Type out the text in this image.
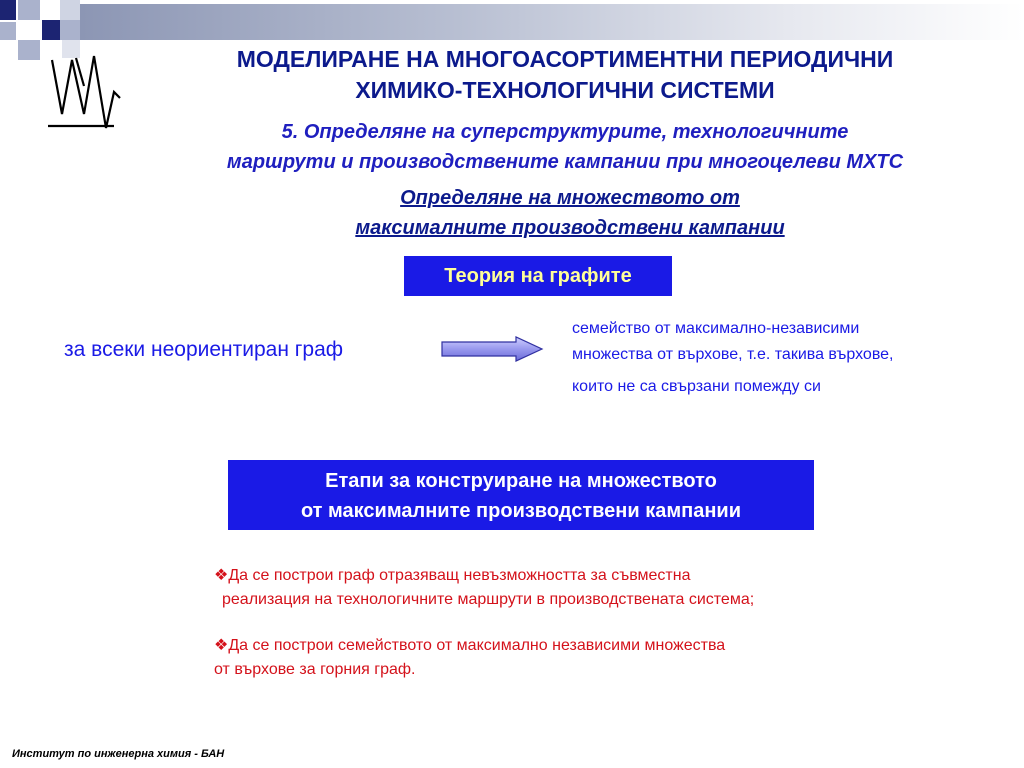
МОДЕЛИРАНЕ НА МНОГОАСОРТИМЕНТНИ ПЕРИОДИЧНИ
ХИМИКО-ТЕХНОЛОГИЧНИ СИСТЕМИ
5. Определяне на суперструктурите, технологичните
маршрути и производствените кампании при многоцелеви МХТС
Определяне на множеството от
максималните производствени кампании
Теория на графите
за всеки неориентиран граф
семейство от максимално-независими
множества от върхове, т.е. такива върхове,
които не са свързани помежду си
Етапи за конструиране на множеството
от максималните производствени кампании

❖Да се построи граф отразяващ невъзможността за съвместна

реализация на технологичните маршрути в производствената система;

❖Да се построи семейството от максимално независими множества

от върхове за горния граф.

Институт по инженерна химия - БАН
